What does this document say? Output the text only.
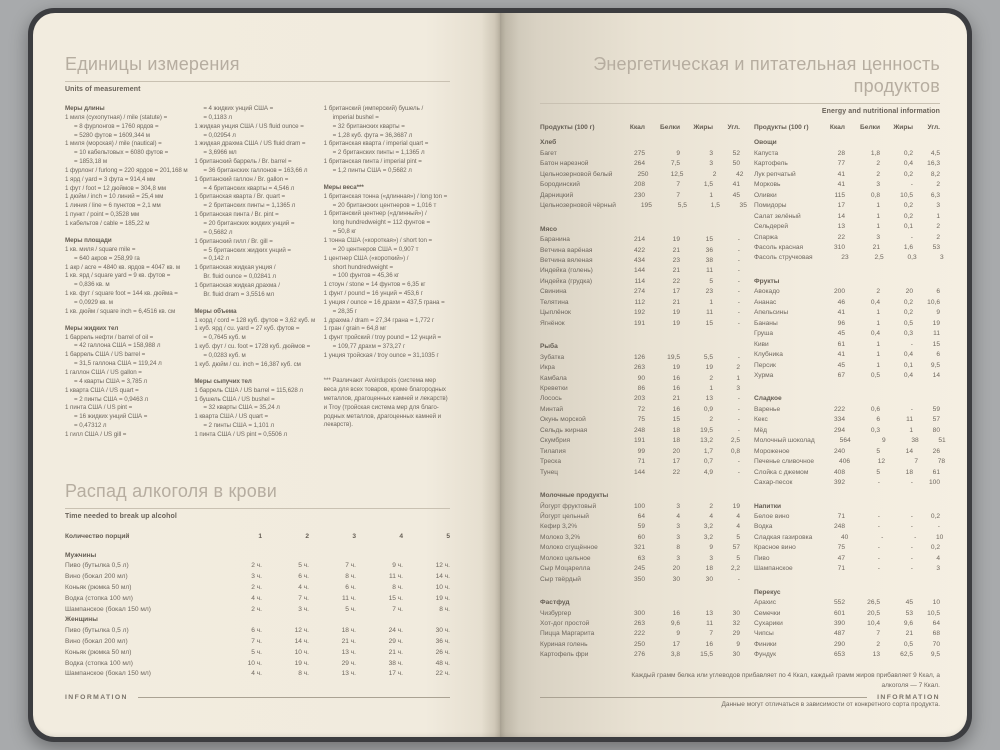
Единицы измерения
Units of measurement
Меры длины
1 миля (сухопутная) / mile (statute) =
= 8 фурлонгов = 1760 ярдов =
= 5280 футов = 1609,344 м
1 миля (морская) / mile (nautical) =
= 10 кабельтовых = 6080 футов =
= 1853,18 м
1 фурлонг / furlong = 220 ярдов = 201,168 м
1 ярд / yard = 3 фута = 914,4 мм
1 фут / foot = 12 дюймов = 304,8 мм
1 дюйм / inch = 10 линий = 25,4 мм
1 линия / line = 6 пунктов = 2,1 мм
1 пункт / point = 0,3528 мм
1 кабельтов / cable = 185,22 м
Меры площади
1 кв. миля / square mile =
= 640 акров = 258,99 га
1 акр / acre = 4840 кв. ярдов = 4047 кв. м
1 кв. ярд / square yard = 9 кв. футов =
= 0,836 кв. м
1 кв. фут / square foot = 144 кв. дюйма =
= 0,0929 кв. м
1 кв. дюйм / square inch = 6,4516 кв. см
Меры жидких тел
1 баррель нефти / barrel of oil =
= 42 галлона США = 158,988 л
1 баррель США / US barrel =
= 31,5 галлона США = 119,24 л
1 галлон США / US gallon =
= 4 кварты США = 3,785 л
1 кварта США / US quart =
= 2 пинты США = 0,9463 л
1 пинта США / US pint =
= 16 жидких унций США =
= 0,47312 л
1 гилл США / US gill =
= 4 жидких унций США =
= 0,1183 л
1 жидкая унция США / US fluid ounce =
= 0,02954 л
1 жидкая драхма США / US fluid dram =
= 3,6966 мл
1 британский баррель / Br. barrel =
= 36 британских галлонов = 163,66 л
1 британский галлон / Br. gallon =
= 4 британских кварты = 4,546 л
1 британская кварта / Br. quart =
= 2 британских пинты = 1,1365 л
1 британская пинта / Br. pint =
= 20 британских жидких унций =
= 0,5682 л
1 британский гилл / Br. gill =
= 5 британских жидких унций =
= 0,142 л
1 британская жидкая унция /
Br. fluid ounce = 0,02841 л
1 британская жидкая драхма /
Br. fluid dram = 3,5516 мл
Меры объема
1 корд / cord = 128 куб. футов = 3,62 куб. м
1 куб. ярд / cu. yard = 27 куб. футов =
= 0,7645 куб. м
1 куб. фут / cu. foot = 1728 куб. дюймов =
= 0,0283 куб. м
1 куб. дюйм / cu. inch = 16,387 куб. см
Меры сыпучих тел
1 баррель США / US barrel = 115,628 л
1 бушель США / US bushel =
= 32 кварты США = 35,24 л
1 кварта США / US quart =
= 2 пинты США = 1,101 л
1 пинта США / US pint = 0,5506 л
1 британский (имперский) бушель /
imperial bushel =
= 32 британских кварты =
= 1,28 куб. фута = 36,3687 л
1 британская кварта / imperial quart =
= 2 британских пинты = 1,1365 л
1 британская пинта / imperial pint =
= 1,2 пинты США = 0,5682 л
Меры веса***
1 британская тонна («длинная») / long ton =
= 20 британских центнеров = 1,016 т
1 британский центнер («длинный») /
long hundredweight = 112 фунтов =
= 50,8 кг
1 тонна США («короткая») / short ton =
= 20 центнеров США = 0,907 т
1 центнер США («короткий») /
short hundredweight =
= 100 фунтов = 45,36 кг
1 стоун / stone = 14 фунтов = 6,35 кг
1 фунт / pound = 16 унций = 453,6 г
1 унция / ounce = 16 драхм = 437,5 грана =
= 28,35 г
1 драхма / dram = 27,34 грана = 1,772 г
1 гран / grain = 64,8 мг
1 фунт тройский / troy pound = 12 унций =
= 109,77 драхм = 373,27 г
1 унция тройская / troy ounce = 31,1035 г
*** Различают Avoirdupois (система мер
веса для всех товаров, кроме благородных
металлов, драгоценных камней и лекарств)
и Troy (тройская система мер для благо-
родных металлов, драгоценных камней и
лекарств).
Распад алкоголя в крови
Time needed to break up alcohol
Количество порций	1	2	3	4	5
Мужчины
Пиво (бутылка 0,5 л)	2 ч.	5 ч.	7 ч.	9 ч.	12 ч.
Вино (бокал 200 мл)	3 ч.	6 ч.	8 ч.	11 ч.	14 ч.
Коньяк (рюмка 50 мл)	2 ч.	4 ч.	6 ч.	8 ч.	10 ч.
Водка (стопка 100 мл)	4 ч.	7 ч.	11 ч.	15 ч.	19 ч.
Шампанское (бокал 150 мл)	2 ч.	3 ч.	5 ч.	7 ч.	8 ч.
Женщины
Пиво (бутылка 0,5 л)	6 ч.	12 ч.	18 ч.	24 ч.	30 ч.
Вино (бокал 200 мл)	7 ч.	14 ч.	21 ч.	29 ч.	36 ч.
Коньяк (рюмка 50 мл)	5 ч.	10 ч.	13 ч.	21 ч.	26 ч.
Водка (стопка 100 мл)	10 ч.	19 ч.	29 ч.	38 ч.	48 ч.
Шампанское (бокал 150 мл)	4 ч.	8 ч.	13 ч.	17 ч.	22 ч.
INFORMATION
Энергетическая и питательная ценность продуктов
Energy and nutritional information
Продукты (100 г)	Ккал	Белки	Жиры	Угл.
Хлеб
Багет	275	9	3	52
Батон нарезной	264	7,5	3	50
Цельнозерновой белый	250	12,5	2	42
Бородинский	208	7	1,5	41
Дарницкий	230	7	1	45
Цельнозерновой чёрный	195	5,5	1,5	35
Мясо
Баранина	214	19	15	-
Ветчина варёная	422	21	36	-
Ветчина вяленая	434	23	38	-
Индейка (голень)	144	21	11	-
Индейка (грудка)	114	22	5	-
Свинина	274	17	23	-
Телятина	112	21	1	-
Цыплёнок	192	19	11	-
Ягнёнок	191	19	15	-
Рыба
Зубатка	126	19,5	5,5	-
Икра	263	19	19	2
Камбала	90	16	2	1
Креветки	86	16	1	3
Лосось	203	21	13	-
Минтай	72	16	0,9	-
Окунь морской	75	15	2	-
Сельдь жирная	248	18	19,5	-
Скумбрия	191	18	13,2	2,5
Тилапия	99	20	1,7	0,8
Треска	71	17	0,7	-
Тунец	144	22	4,9	-
Молочные продукты
Йогурт фруктовый	100	3	2	19
Йогурт цельный	64	4	4	4
Кефир 3,2%	59	3	3,2	4
Молоко 3,2%	60	3	3,2	5
Молоко сгущённое	321	8	9	57
Молоко цельное	63	3	3	5
Сыр Моцарелла	245	20	18	2,2
Сыр твёрдый	350	30	30	-
Фастфуд
Чизбургер	300	16	13	30
Хот-дог простой	263	9,6	11	32
Пицца Маргарита	222	9	7	29
Куриная голень	250	17	16	9
Картофель фри	276	3,8	15,5	30
Продукты (100 г)	Ккал	Белки	Жиры	Угл.
Овощи
Капуста	28	1,8	0,2	4,5
Картофель	77	2	0,4	16,3
Лук репчатый	41	2	0,2	8,2
Морковь	41	3	-	2
Оливки	115	0,8	10,5	6,3
Помидоры	17	1	0,2	3
Салат зелёный	14	1	0,2	1
Сельдерей	13	1	0,1	2
Спаржа	22	3	-	2
Фасоль красная	310	21	1,6	53
Фасоль стручковая	23	2,5	0,3	3
Фрукты
Авокадо	200	2	20	6
Ананас	46	0,4	0,2	10,6
Апельсины	41	1	0,2	9
Бананы	96	1	0,5	19
Груша	45	0,4	0,3	11
Киви	61	1	-	15
Клубника	41	1	0,4	6
Персик	45	1	0,1	9,5
Хурма	67	0,5	0,4	14
Сладкое
Варенье	222	0,6	-	59
Кекс	334	6	11	57
Мёд	294	0,3	1	80
Молочный шоколад	564	9	38	51
Мороженое	240	5	14	26
Печенье сливочное	406	12	7	78
Слойка с джемом	408	5	18	61
Сахар-песок	392	-	-	100
Напитки
Белое вино	71	-	-	0,2
Водка	248	-	-	-
Сладкая газировка	40	-	-	10
Красное вино	75	-	-	0,2
Пиво	47	-	-	4
Шампанское	71	-	-	3
Перекус
Арахис	552	26,5	45	10
Семечки	601	20,5	53	10,5
Сухарики	390	10,4	9,6	64
Чипсы	487	7	21	68
Финики	290	2	0,5	70
Фундук	653	13	62,5	9,5
Каждый грамм белка или углеводов прибавляет по 4 Ккал, каждый грамм жиров прибавляет 9 Ккал, а алкоголя — 7 Ккал.
Данные могут отличаться в зависимости от конкретного сорта продукта.
INFORMATION
